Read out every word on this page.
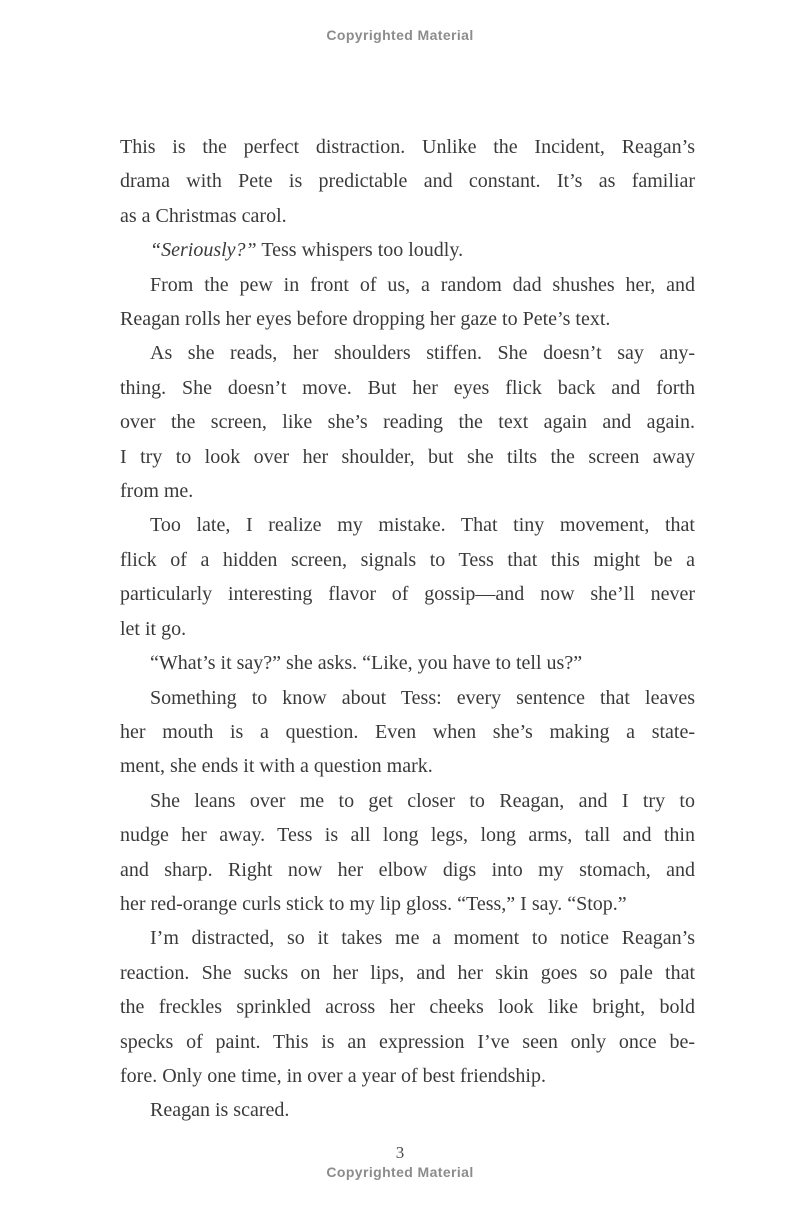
Copyrighted Material
This is the perfect distraction. Unlike the Incident, Reagan’s
drama with Pete is predictable and constant. It’s as familiar
as a Christmas carol.
“Seriously?” Tess whispers too loudly.
From the pew in front of us, a random dad shushes her, and
Reagan rolls her eyes before dropping her gaze to Pete’s text.
As she reads, her shoulders stiffen. She doesn’t say any-
thing. She doesn’t move. But her eyes flick back and forth
over the screen, like she’s reading the text again and again.
I try to look over her shoulder, but she tilts the screen away
from me.
Too late, I realize my mistake. That tiny movement, that
flick of a hidden screen, signals to Tess that this might be a
particularly interesting flavor of gossip—and now she’ll never
let it go.
“What’s it say?” she asks. “Like, you have to tell us?”
Something to know about Tess: every sentence that leaves
her mouth is a question. Even when she’s making a state-
ment, she ends it with a question mark.
She leans over me to get closer to Reagan, and I try to
nudge her away. Tess is all long legs, long arms, tall and thin
and sharp. Right now her elbow digs into my stomach, and
her red-orange curls stick to my lip gloss. “Tess,” I say. “Stop.”
I’m distracted, so it takes me a moment to notice Reagan’s
reaction. She sucks on her lips, and her skin goes so pale that
the freckles sprinkled across her cheeks look like bright, bold
specks of paint. This is an expression I’ve seen only once be-
fore. Only one time, in over a year of best friendship.
Reagan is scared.
3
Copyrighted Material
